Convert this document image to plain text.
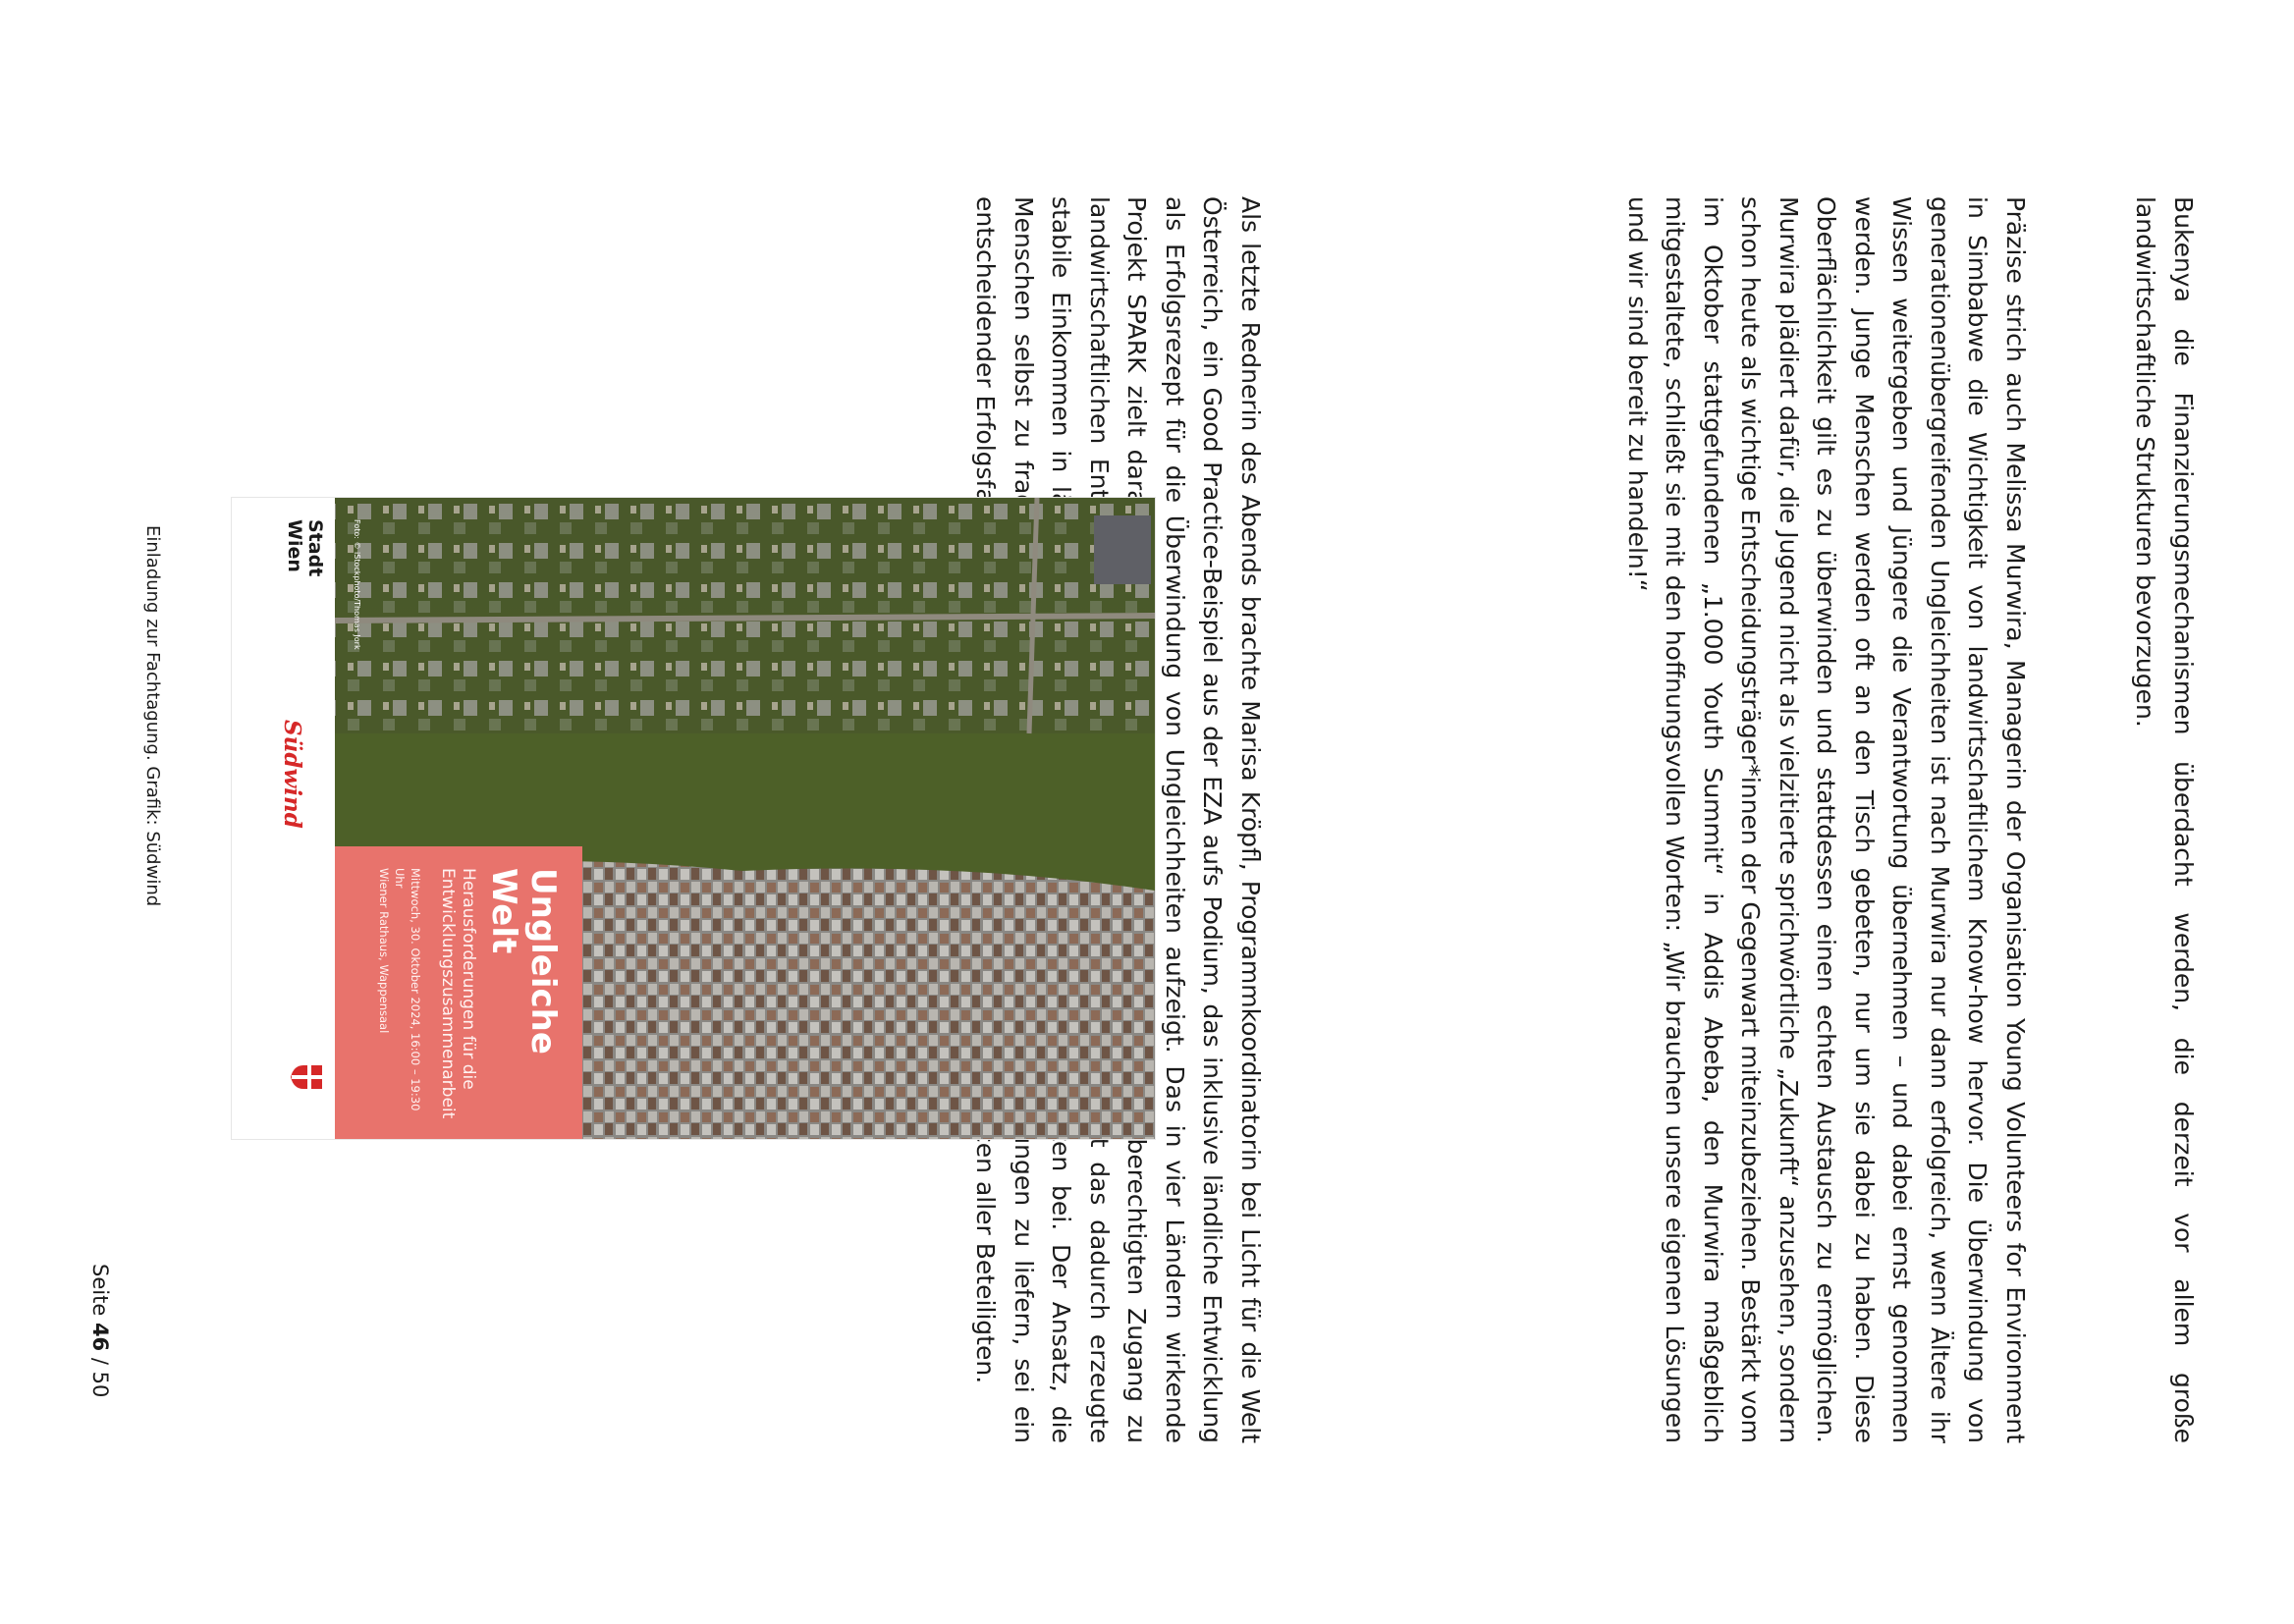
Bukenya die Finanzierungsmechanismen überdacht werden, die derzeit vor allem große landwirtschaftliche Strukturen bevorzugen.

Präzise strich auch Melissa Murwira, Managerin der Organisation Young Volunteers for Environment in Simbabwe die Wichtigkeit von landwirtschaftlichem Know-how hervor. Die Überwindung von generationenübergreifenden Ungleichheiten ist nach Murwira nur dann erfolgreich, wenn Ältere ihr Wissen weitergeben und Jüngere die Verantwortung übernehmen – und dabei ernst genommen werden. Junge Menschen werden oft an den Tisch gebeten, nur um sie dabei zu haben. Diese Oberflächlichkeit gilt es zu überwinden und stattdessen einen echten Austausch zu ermöglichen. Murwira plädiert dafür, die Jugend nicht als vielzitierte sprichwörtliche „Zukunft“ anzusehen, sondern schon heute als wichtige Entscheidungsträger*innen der Gegenwart miteinzubeziehen. Bestärkt vom im Oktober stattgefundenen „1.000 Youth Summit“ in Addis Abeba, den Murwira maßgeblich mitgestaltete, schließt sie mit den hoffnungsvollen Worten: „Wir brauchen unsere eigenen Lösungen und wir sind bereit zu handeln!“

Als letzte Rednerin des Abends brachte Marisa Kröpfl, Programmkoordinatorin bei Licht für die Welt Österreich, ein Good Practice-Beispiel aus der EZA aufs Podium, das inklusive ländliche Entwicklung als Erfolgsrezept für die Überwindung von Ungleichheiten aufzeigt. Das in vier Ländern wirkende Projekt SPARK zielt darauf gleichberechtigten Zugang zu landwirtschaftlichen das dadurch erzeugte stabile Einkommen in bei. Der Ansatz, die Menschen selbst zu Lösungen zu liefern, sei ein entscheidender Erfolgsfaktor aller Beteiligten.

Foto: © iStockphoto/Thomas Jork
Ungleiche Welt
Herausforderungen für die Entwicklungszusammenarbeit
Mittwoch, 30. Oktober 2024, 16:00 – 19:30 Uhr
Wiener Rathaus, Wappensaal
Stadt
Wien
Südwind
Einladung zur Fachtagung. Grafik: Südwind
Seite 46 / 50
